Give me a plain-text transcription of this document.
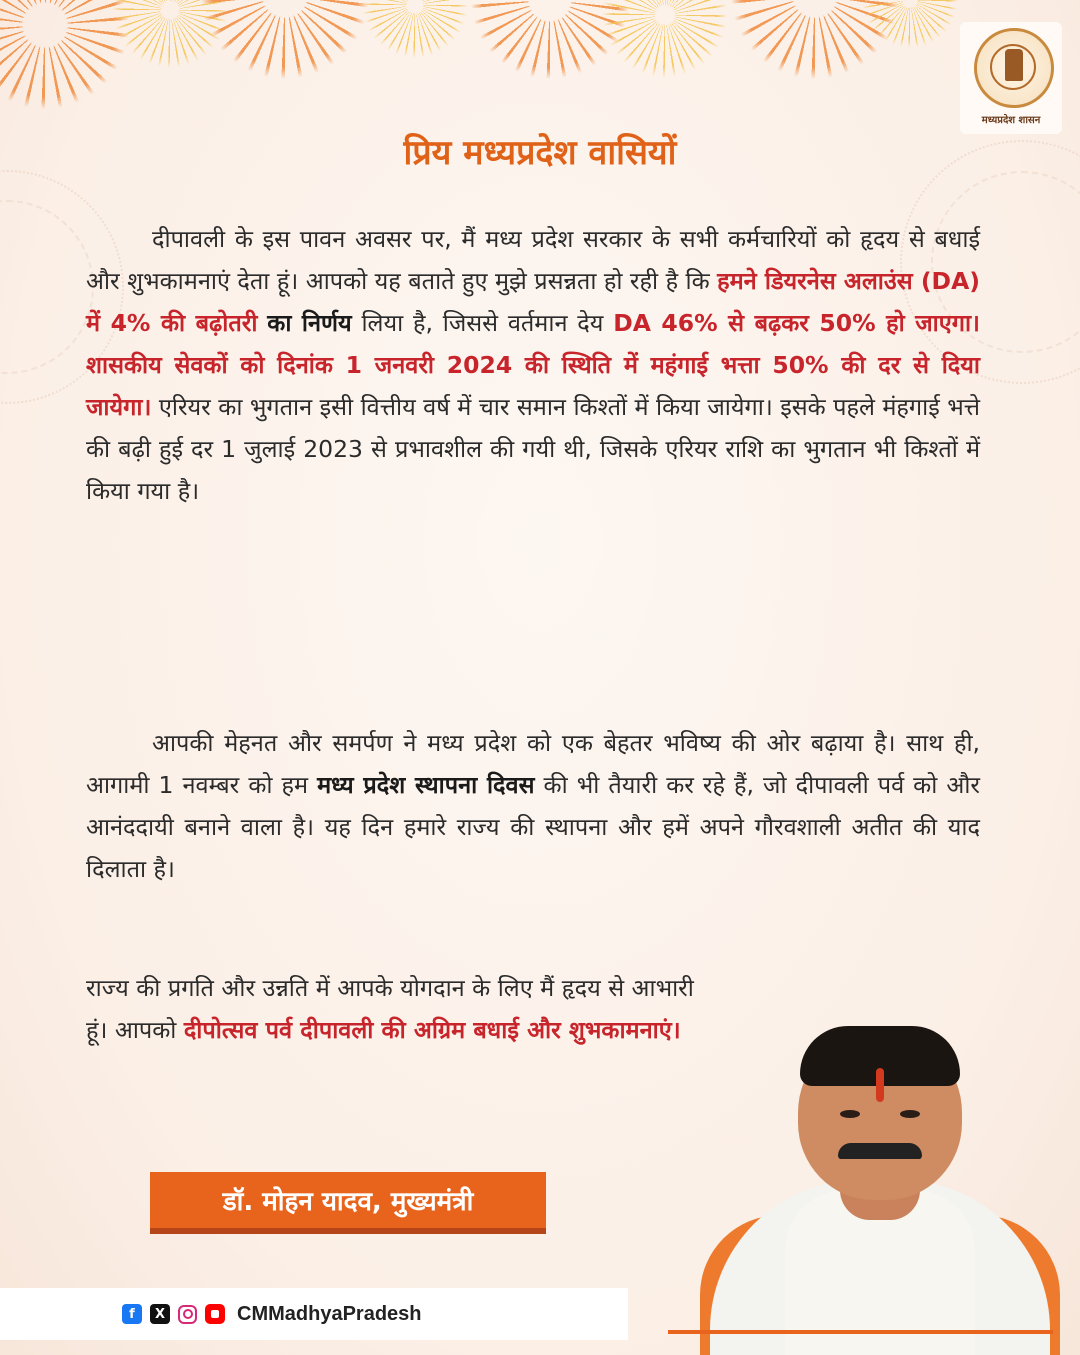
मध्यप्रदेश शासन
प्रिय मध्यप्रदेश वासियों

दीपावली के इस पावन अवसर पर, मैं मध्य प्रदेश सरकार के सभी कर्मचारियों को हृदय से बधाई और शुभकामनाएं देता हूं। आपको यह बताते हुए मुझे प्रसन्नता हो रही है कि हमने डियरनेस अलाउंस (DA) में 4% की बढ़ोतरी का निर्णय लिया है, जिससे वर्तमान देय DA 46% से बढ़कर 50% हो जाएगा। शासकीय सेवकों को दिनांक 1 जनवरी 2024 की स्थिति में महंगाई भत्ता 50% की दर से दिया जायेगा। एरियर का भुगतान इसी वित्तीय वर्ष में चार समान किश्तों में किया जायेगा। इसके पहले मंहगाई भत्ते की बढ़ी हुई दर 1 जुलाई 2023 से प्रभावशील की गयी थी, जिसके एरियर राशि का भुगतान भी किश्तों में किया गया है।

आपकी मेहनत और समर्पण ने मध्य प्रदेश को एक बेहतर भविष्य की ओर बढ़ाया है। साथ ही, आगामी 1 नवम्बर को हम मध्य प्रदेश स्थापना दिवस की भी तैयारी कर रहे हैं, जो दीपावली पर्व को और आनंददायी बनाने वाला है। यह दिन हमारे राज्य की स्थापना और हमें अपने गौरवशाली अतीत की याद दिलाता है।

राज्य की प्रगति और उन्नति में आपके योगदान के लिए मैं हृदय से आभारी हूं। आपको दीपोत्सव पर्व दीपावली की अग्रिम बधाई और शुभकामनाएं।

डॉ. मोहन यादव, मुख्यमंत्री
f	X	CMMadhyaPradesh
